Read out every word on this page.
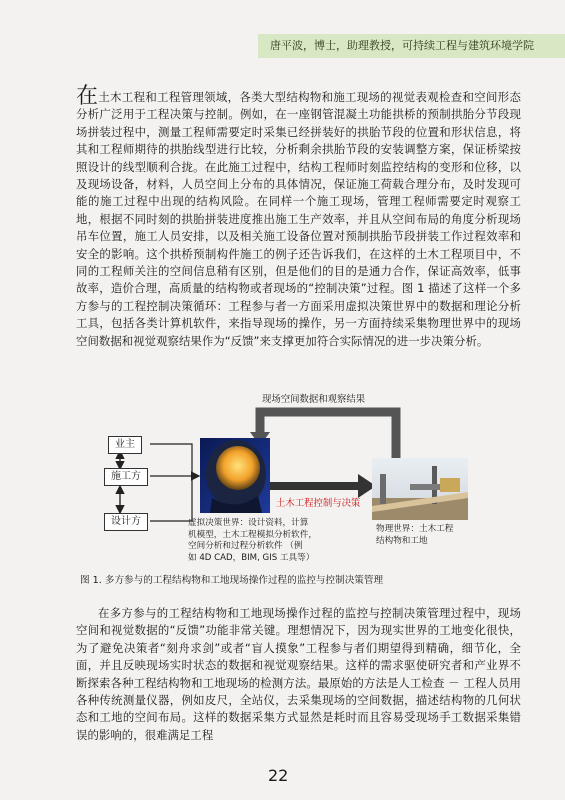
唐平波，博士，助理教授，可持续工程与建筑环境学院
在土木工程和工程管理领域，各类大型结构物和施工现场的视觉表观检查和空间形态分析广泛用于工程决策与控制。例如，在一座钢管混凝土功能拱桥的预制拱胎分节段现场拼装过程中，测量工程师需要定时采集已经拼装好的拱胎节段的位置和形状信息，将其和工程师期待的拱胎线型进行比较，分析剩余拱胎节段的安装调整方案，保证桥梁按照设计的线型顺利合拢。在此施工过程中，结构工程师时刻监控结构的变形和位移，以及现场设备，材料，人员空间上分布的具体情况，保证施工荷载合理分布，及时发现可能的施工过程中出现的结构风险。在同样一个施工现场，管理工程师需要定时观察工地，根据不同时刻的拱胎拼装进度推出施工生产效率，并且从空间布局的角度分析现场吊车位置，施工人员安排，以及相关施工设备位置对预制拱胎节段拼装工作过程效率和安全的影响。这个拱桥预制构件施工的例子还告诉我们，在这样的土木工程项目中，不同的工程师关注的空间信息稍有区别，但是他们的目的是通力合作，保证高效率，低事故率，造价合理，高质量的结构物或者现场的“控制决策”过程。图 1 描述了这样一个多方参与的工程控制决策循环：工程参与者一方面采用虚拟决策世界中的数据和理论分析工具，包括各类计算机软件，来指导现场的操作，另一方面持续采集物理世界中的现场空间数据和视觉观察结果作为“反馈”来支撑更加符合实际情况的进一步决策分析。
现场空间数据和观察结果
业主
施工方
设计方
土木工程控制与决策
虚拟决策世界：设计资料，计算
机模型，土木工程模拟分析软件，
空间分析和过程分析软件 （例
如 4D CAD，BIM, GIS 工具等）
物理世界：土木工程
结构物和工地
图 1. 多方参与的工程结构物和工地现场操作过程的监控与控制决策管理
在多方参与的工程结构物和工地现场操作过程的监控与控制决策管理过程中，现场空间和视觉数据的“反馈”功能非常关键。理想情况下，因为现实世界的工地变化很快，为了避免决策者“刻舟求剑”或者“盲人摸象”工程参与者们期望得到精确，细节化，全面，并且反映现场实时状态的数据和视觉观察结果。这样的需求驱使研究者和产业界不断探索各种工程结构物和工地现场的检测方法。最原始的方法是人工检查 － 工程人员用各种传统测量仪器，例如皮尺，全站仪，去采集现场的空间数据，描述结构物的几何状态和工地的空间布局。这样的数据采集方式显然是耗时而且容易受现场手工数据采集错误的影响的，很难满足工程
22
